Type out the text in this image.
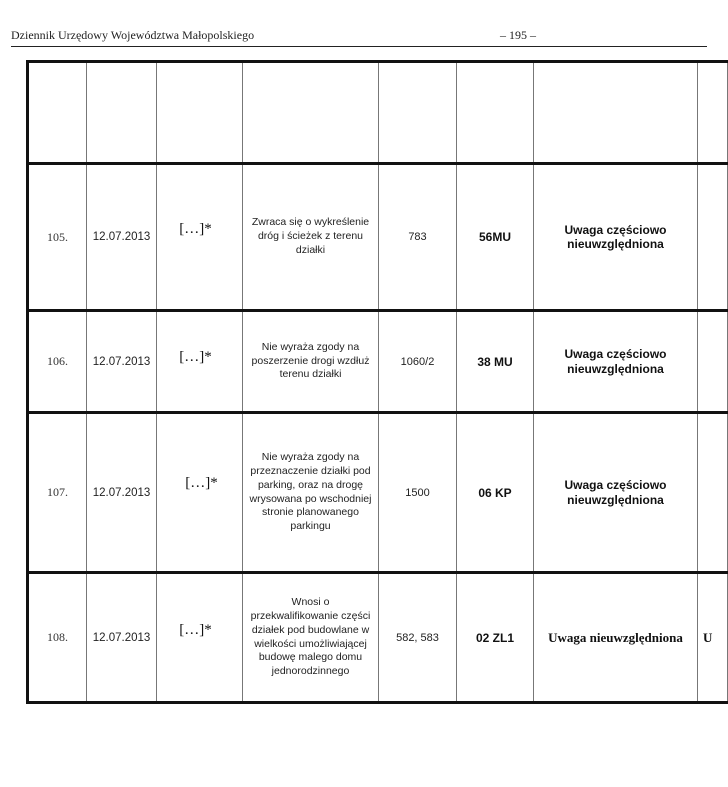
Dziennik Urzędowy Województwa Małopolskiego	– 195 –

105.	12.07.2013	[…]*	Zwraca się o wykreślenie dróg i ścieżek z terenu działki	783	56MU	Uwaga częściowo nieuwzględniona	
106.	12.07.2013	[…]*	Nie wyraża zgody na poszerzenie drogi wzdłuż terenu działki	1060/2	38 MU	Uwaga częściowo nieuwzględniona	
107.	12.07.2013	[…]*	Nie wyraża zgody na przeznaczenie działki pod parking, oraz na drogę wrysowana po wschodniej stronie planowanego parkingu	1500	06 KP	Uwaga częściowo nieuwzględniona	
108.	12.07.2013	[…]*	Wnosi o przekwalifikowanie części działek pod budowlane w wielkości umożliwiającej budowę malego domu jednorodzinnego	582, 583	02 ZL1	Uwaga nieuwzględniona	U
